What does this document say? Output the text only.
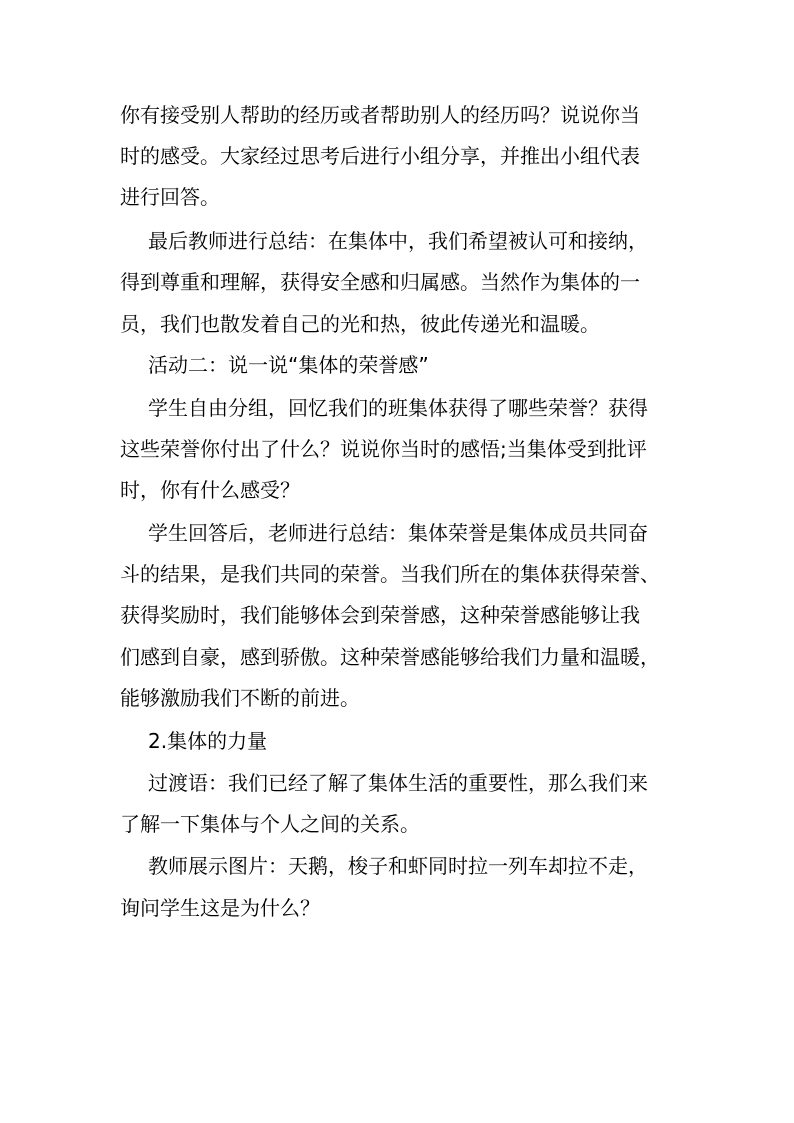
你有接受别人帮助的经历或者帮助别人的经历吗？说说你当
时的感受。大家经过思考后进行小组分享，并推出小组代表
进行回答。
最后教师进行总结：在集体中，我们希望被认可和接纳，
得到尊重和理解，获得安全感和归属感。当然作为集体的一
员，我们也散发着自己的光和热，彼此传递光和温暖。
活动二：说一说“集体的荣誉感”
学生自由分组，回忆我们的班集体获得了哪些荣誉？获得
这些荣誉你付出了什么？说说你当时的感悟;当集体受到批评
时，你有什么感受？
学生回答后，老师进行总结：集体荣誉是集体成员共同奋
斗的结果，是我们共同的荣誉。当我们所在的集体获得荣誉、
获得奖励时，我们能够体会到荣誉感，这种荣誉感能够让我
们感到自豪，感到骄傲。这种荣誉感能够给我们力量和温暖，
能够激励我们不断的前进。
2.集体的力量
过渡语：我们已经了解了集体生活的重要性，那么我们来
了解一下集体与个人之间的关系。
教师展示图片：天鹅，梭子和虾同时拉一列车却拉不走，
询问学生这是为什么？
